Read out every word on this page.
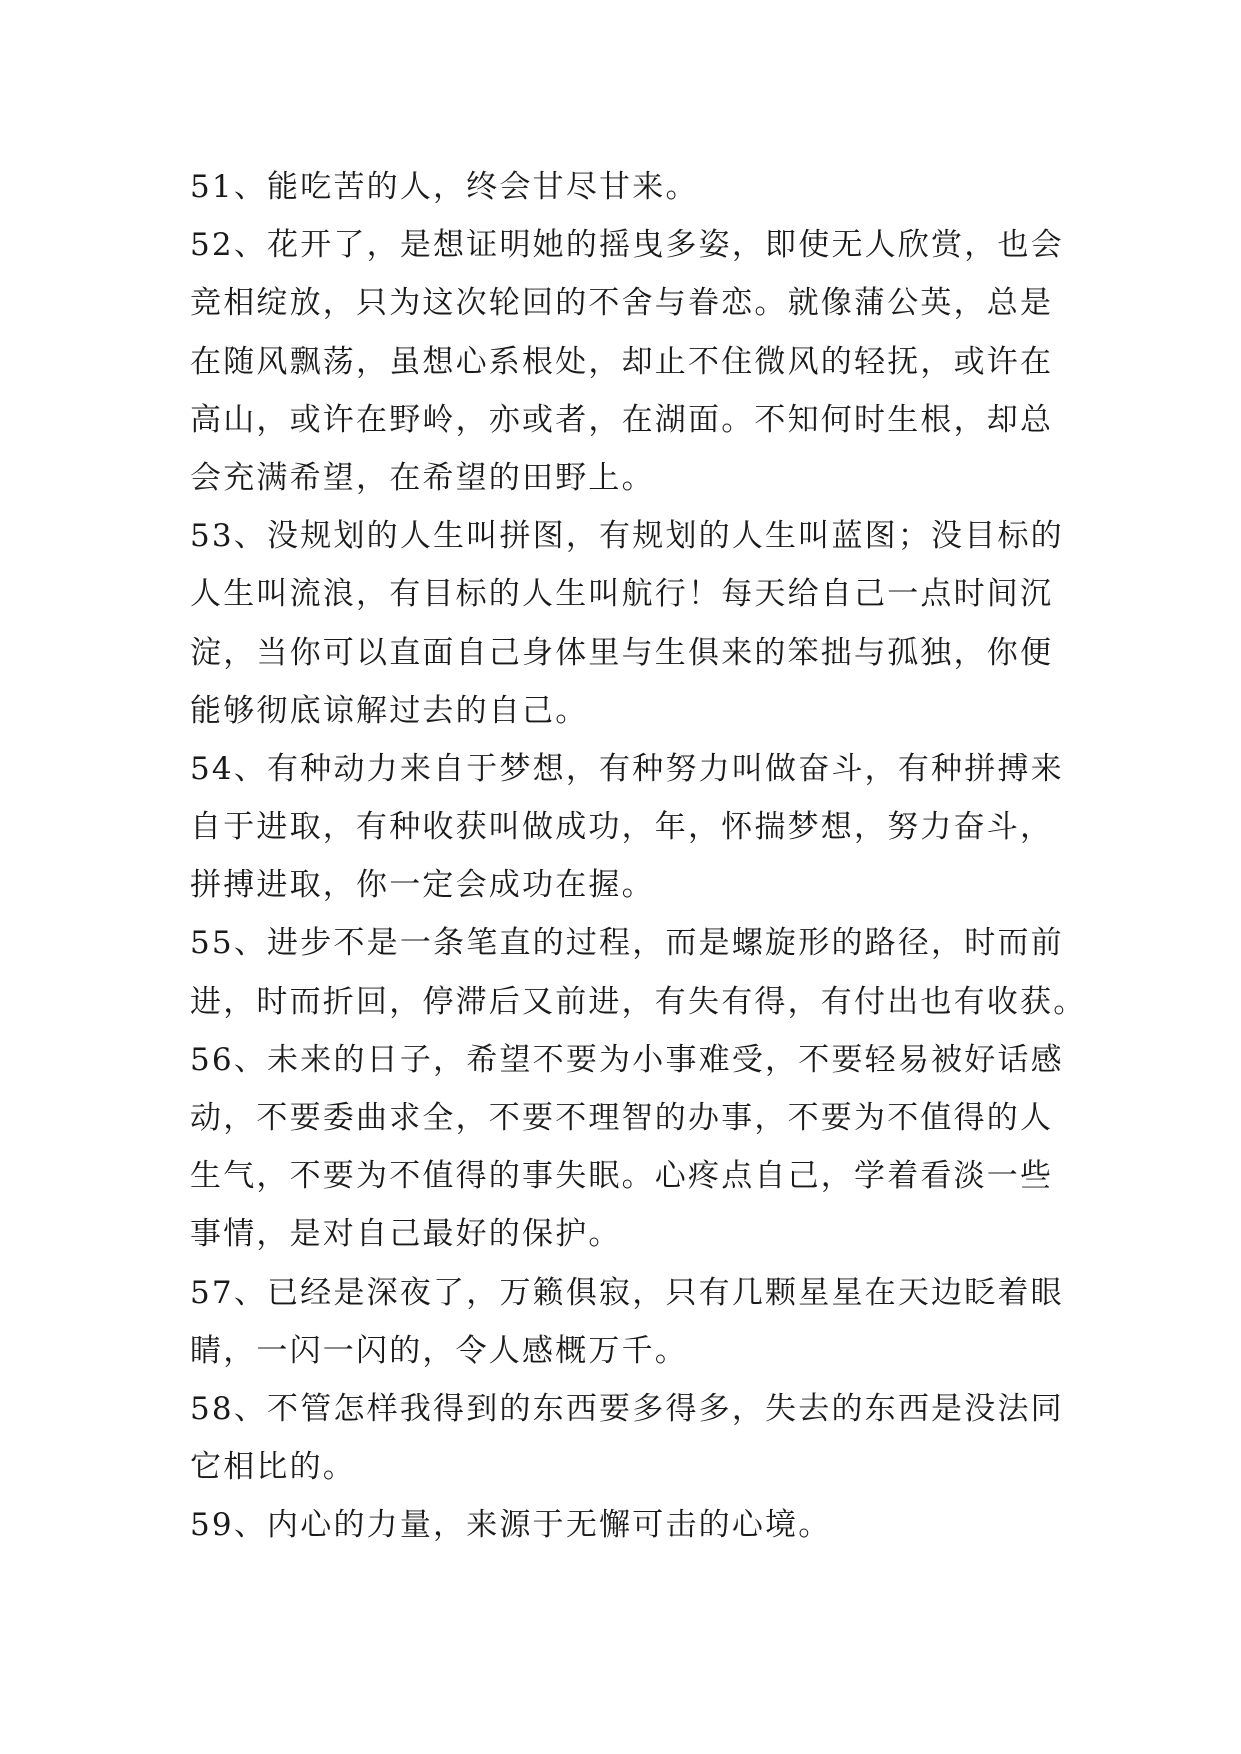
51、能吃苦的人，终会甘尽甘来。
52、花开了，是想证明她的摇曳多姿，即使无人欣赏，也会
竞相绽放，只为这次轮回的不舍与眷恋。就像蒲公英，总是
在随风飘荡，虽想心系根处，却止不住微风的轻抚，或许在
高山，或许在野岭，亦或者，在湖面。不知何时生根，却总
会充满希望，在希望的田野上。
53、没规划的人生叫拼图，有规划的人生叫蓝图；没目标的
人生叫流浪，有目标的人生叫航行！每天给自己一点时间沉
淀，当你可以直面自己身体里与生俱来的笨拙与孤独，你便
能够彻底谅解过去的自己。
54、有种动力来自于梦想，有种努力叫做奋斗，有种拼搏来
自于进取，有种收获叫做成功，年，怀揣梦想，努力奋斗，
拼搏进取，你一定会成功在握。
55、进步不是一条笔直的过程，而是螺旋形的路径，时而前
进，时而折回，停滞后又前进，有失有得，有付出也有收获。
56、未来的日子，希望不要为小事难受，不要轻易被好话感
动，不要委曲求全，不要不理智的办事，不要为不值得的人
生气，不要为不值得的事失眠。心疼点自己，学着看淡一些
事情，是对自己最好的保护。
57、已经是深夜了，万籁俱寂，只有几颗星星在天边眨着眼
睛，一闪一闪的，令人感概万千。
58、不管怎样我得到的东西要多得多，失去的东西是没法同
它相比的。
59、内心的力量，来源于无懈可击的心境。
